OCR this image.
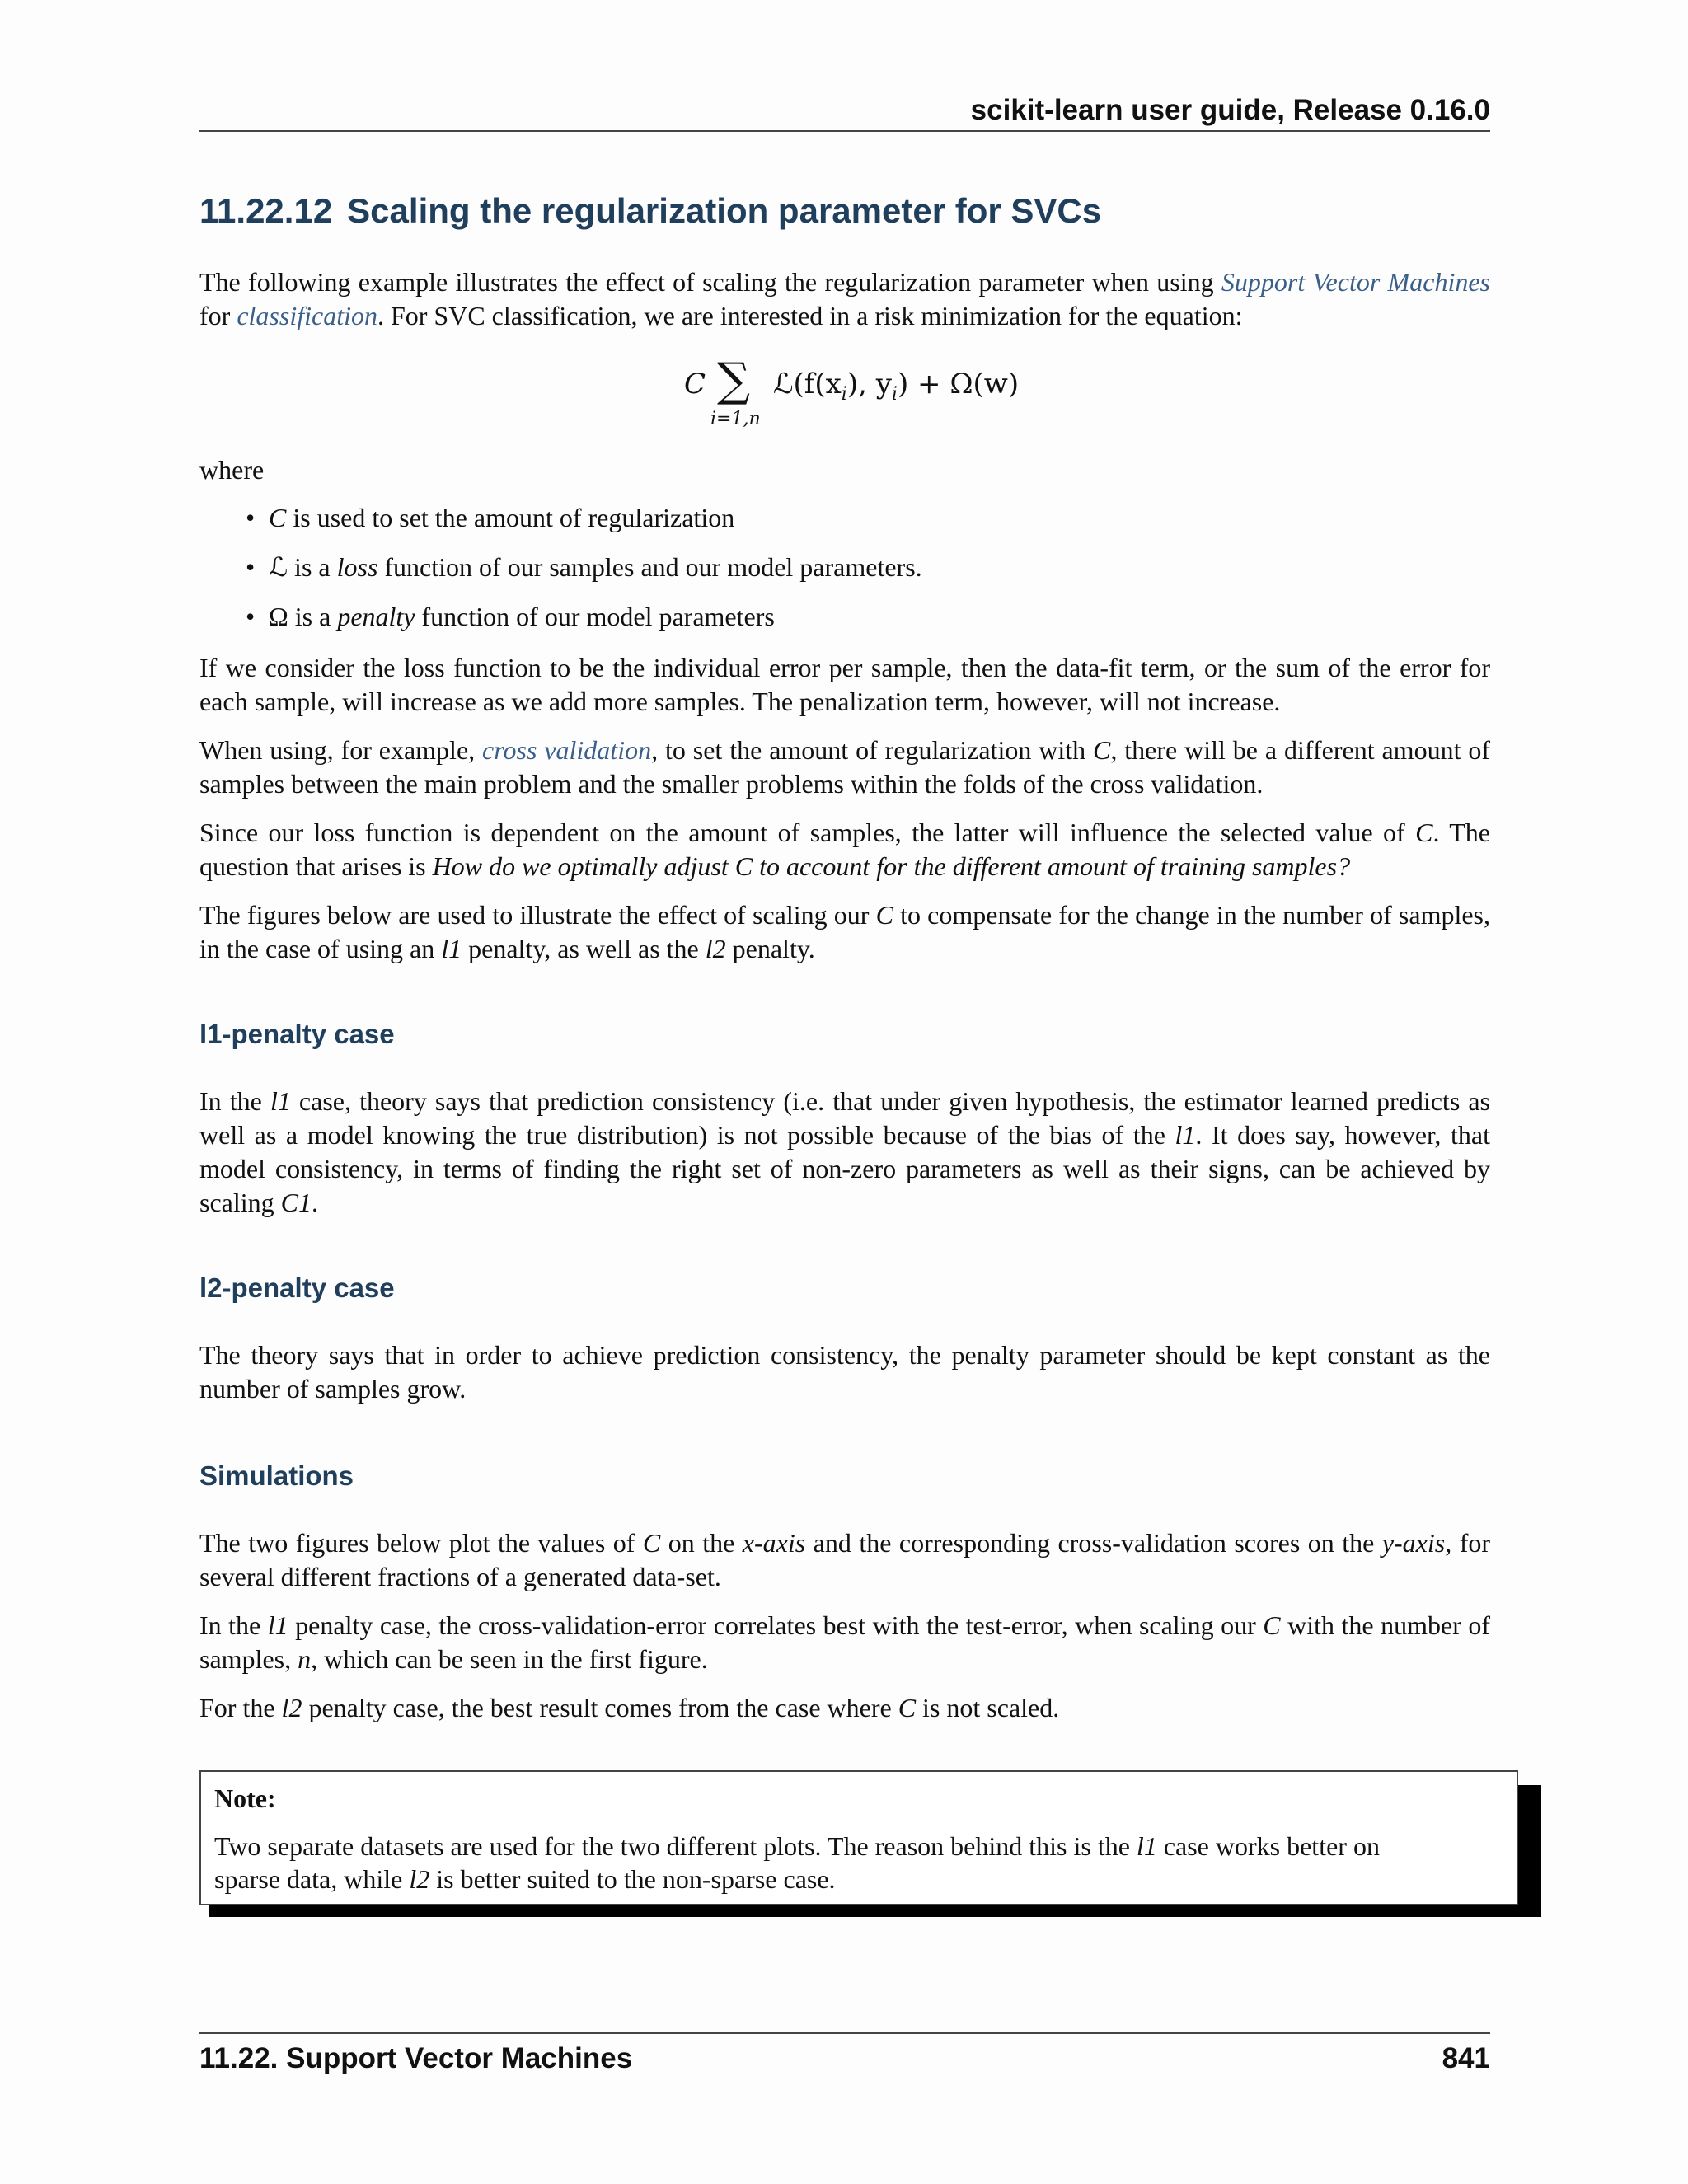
scikit-learn user guide, Release 0.16.0
11.22.12 Scaling the regularization parameter for SVCs

The following example illustrates the effect of scaling the regularization parameter when using Support Vector Machines for classification. For SVC classification, we are interested in a risk minimization for the equation:

C ∑
i=1,n
$ℒ(f(x_i)$, $y_i) + \Omega(w)$

where

• C is used to set the amount of regularization
• ℒ is a loss function of our samples and our model parameters.
• Ω is a penalty function of our model parameters

If we consider the loss function to be the individual error per sample, then the data-fit term, or the sum of the error for each sample, will increase as we add more samples. The penalization term, however, will not increase.

When using, for example, cross validation, to set the amount of regularization with C, there will be a different amount of samples between the main problem and the smaller problems within the folds of the cross validation.

Since our loss function is dependent on the amount of samples, the latter will influence the selected value of C. The question that arises is How do we optimally adjust C to account for the different amount of training samples?

The figures below are used to illustrate the effect of scaling our C to compensate for the change in the number of samples, in the case of using an l1 penalty, as well as the l2 penalty.

l1-penalty case

In the l1 case, theory says that prediction consistency (i.e. that under given hypothesis, the estimator learned predicts as well as a model knowing the true distribution) is not possible because of the bias of the l1. It does say, however, that model consistency, in terms of finding the right set of non-zero parameters as well as their signs, can be achieved by scaling C1.

l2-penalty case

The theory says that in order to achieve prediction consistency, the penalty parameter should be kept constant as the number of samples grow.

Simulations

The two figures below plot the values of C on the x-axis and the corresponding cross-validation scores on the y-axis, for several different fractions of a generated data-set.

In the l1 penalty case, the cross-validation-error correlates best with the test-error, when scaling our C with the number of samples, n, which can be seen in the first figure.

For the l2 penalty case, the best result comes from the case where C is not scaled.

Note:
Two separate datasets are used for the two different plots. The reason behind this is the l1 case works better on sparse data, while l2 is better suited to the non-sparse case.
11.22. Support Vector Machines	841
